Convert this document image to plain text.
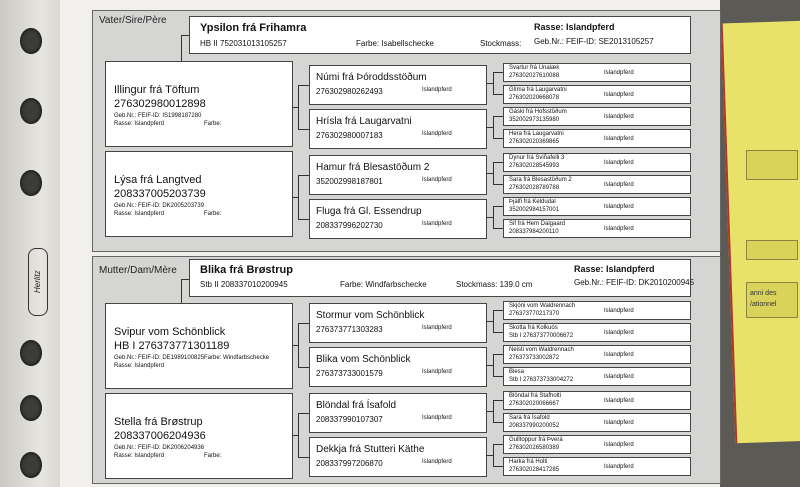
anni des
/ationnel
Herlitz
Vater/Sire/Père
Ypsilon frá Frihamra
HB II 752031013105257	Farbe: Isabellschecke	Stockmass:
Rasse: Islandpferd
Geb.Nr.: FEIF-ID: SE2013105257
Illingur frá Töftum
276302980012898
Geb.Nr.: FEIF-ID: IS1998187280
Rasse: Islandpferd	Farbe:
Lýsa frá Langtved
208337005203739
Geb.Nr.: FEIF-ID: DK2005203739
Rasse: Islandpferd	Farbe:
Númi frá Þóroddsstöðum
276302980262493	Islandpferd
Hrísla frá Laugarvatni
276302980007183	Islandpferd
Hamur frá Blesastöðum 2
352002998187801	Islandpferd
Fluga frá Gl. Essendrup
208337996202730	Islandpferd
Svartur frá Unalæk
276302027610088	Islandpferd
Glíma frá Laugarvatni
276302020668078	Islandpferd
Gáski frá Hofsstöðum
352002973135980	Islandpferd
Hera frá Laugarvatni
276302020369865	Islandpferd
Dynur frá Sviñafelli 3
276302028545993	Islandpferd
Sara frá Blesastöðum 2
276302028789788	Islandpferd
Þjálfi frá Keldudal
352002984157001	Islandpferd
Sif frá Hem Dalgaard
208337984200110	Islandpferd
Mutter/Dam/Mère Blika frá Brøstrup
Stb II 208337010200945	Farbe: Windfarbschecke	Stockmass: 139.0 cm
Rasse: Islandpferd
Geb.Nr.: FEIF-ID: DK2010200945
Svipur vom Schönblick
HB I 276373771301189
Geb.Nr.: FEIF-ID: DE1989100825
Rasse: Islandpferd
Farbe: Windfarbschecke
Stella frá Brøstrup
208337006204936
Geb.Nr.: FEIF-ID: DK2006204936
Rasse: Islandpferd	Farbe:
Stormur vom Schönblick
276373771303283	Islandpferd
Blika vom Schönblick
276373733001579	Islandpferd
Blöndal frá Ísafold
208337990107307	Islandpferd
Dekkja frá Stutteri Käthe
208337997206870	Islandpferd
Skjóni vom Waldrennach
276373770217370	Islandpferd
Skotta frá Kolkuós
Stb I 276373770006672	Islandpferd
Neisti vom Waldrennach
276373733002872	Islandpferd
Blesa
Stb I 276373733004272	Islandpferd
Blöndal frá Stafholti
276302020066667	Islandpferd
Sara frá Ísafold
208337990200052	Islandpferd
Gulltoppur frá Þverá
276302026580389	Islandpferd
Harka frá Holti
276302028417285	Islandpferd
